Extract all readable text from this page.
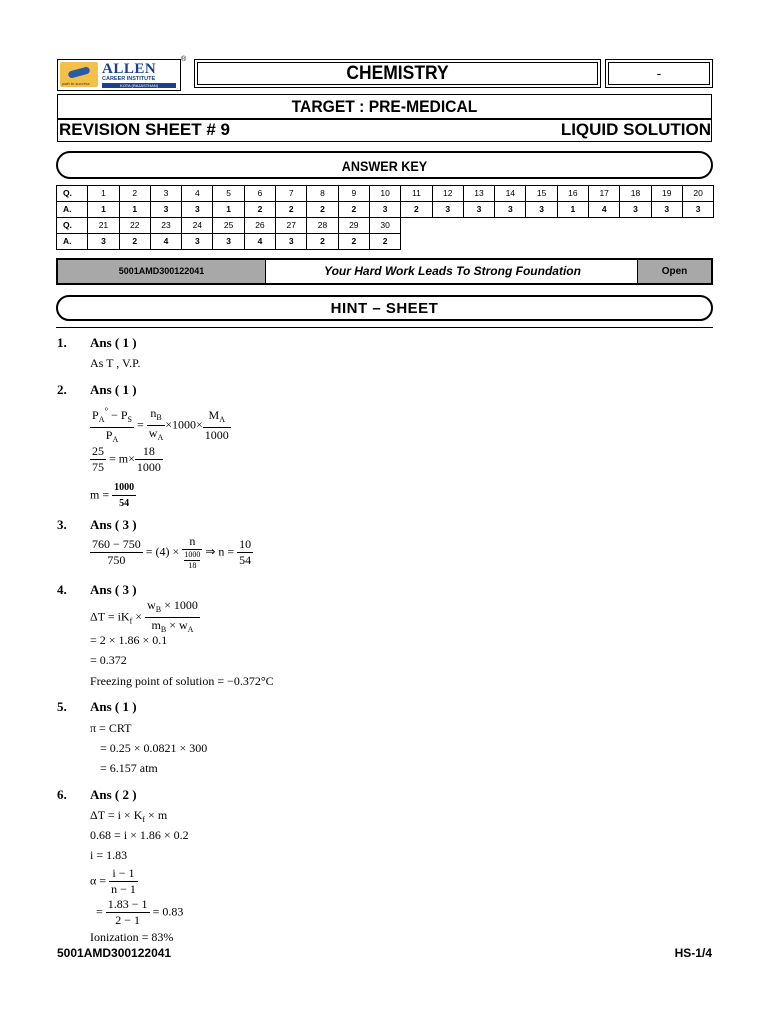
path to success
ALLEN
CAREER INSTITUTE
KOTA (RAJASTHAN)
®
CHEMISTRY	-
TARGET : PRE-MEDICAL
REVISION SHEET # 9	LIQUID SOLUTION
ANSWER KEY
Q.	1	2	3	4	5	6	7	8	9	10	11	12	13	14	15	16	17	18	19	20
A.	1	1	3	3	1	2	2	2	2	3	2	3	3	3	3	1	4	3	3	3
Q.	21	22	23	24	25	26	27	28	29	30										
A.	3	2	4	3	3	4	3	2	2	2										
5001AMD300122041	Your Hard Work Leads To Strong Foundation	Open
HINT – SHEET
1. Ans ( 1 )
As T , V.P.
2. Ans ( 1 )
$\frac{P_A^\circ - P_S}{P_A} = \frac{n_B}{w_A} \times 1000\times \frac{M_A}{1000}$
$\frac{25}{75} = m\times \frac{18}{1000}$
$m = \frac{1000}{54}$
3. Ans ( 3 )
$\frac{760 - 750}{750} = (4) \times n$
1000
18 ⇒ $n = \frac{10}{54}$
4. Ans ( 3 )
$\Delta T = iK_f \times \frac{w_B \times 1000}{m_B \times w_A}$
= 2 × 1.86 × 0.1
= 0.372
Freezing point of solution = −0.372°C
5. Ans ( 1 )
π = CRT
= 0.25 × 0.0821 × 300
= 6.157 atm
6. Ans ( 2 )
$\Delta T = i \times K_f \times m$
0.68 = i × 1.86 × 0.2
i = 1.83
$\alpha = \frac{i - 1}{n - 1}$
= $\frac{1.83 - 1}{2 - 1} = 0.83$
Ionization = 83%
5001AMD300122041	HS-1/4
